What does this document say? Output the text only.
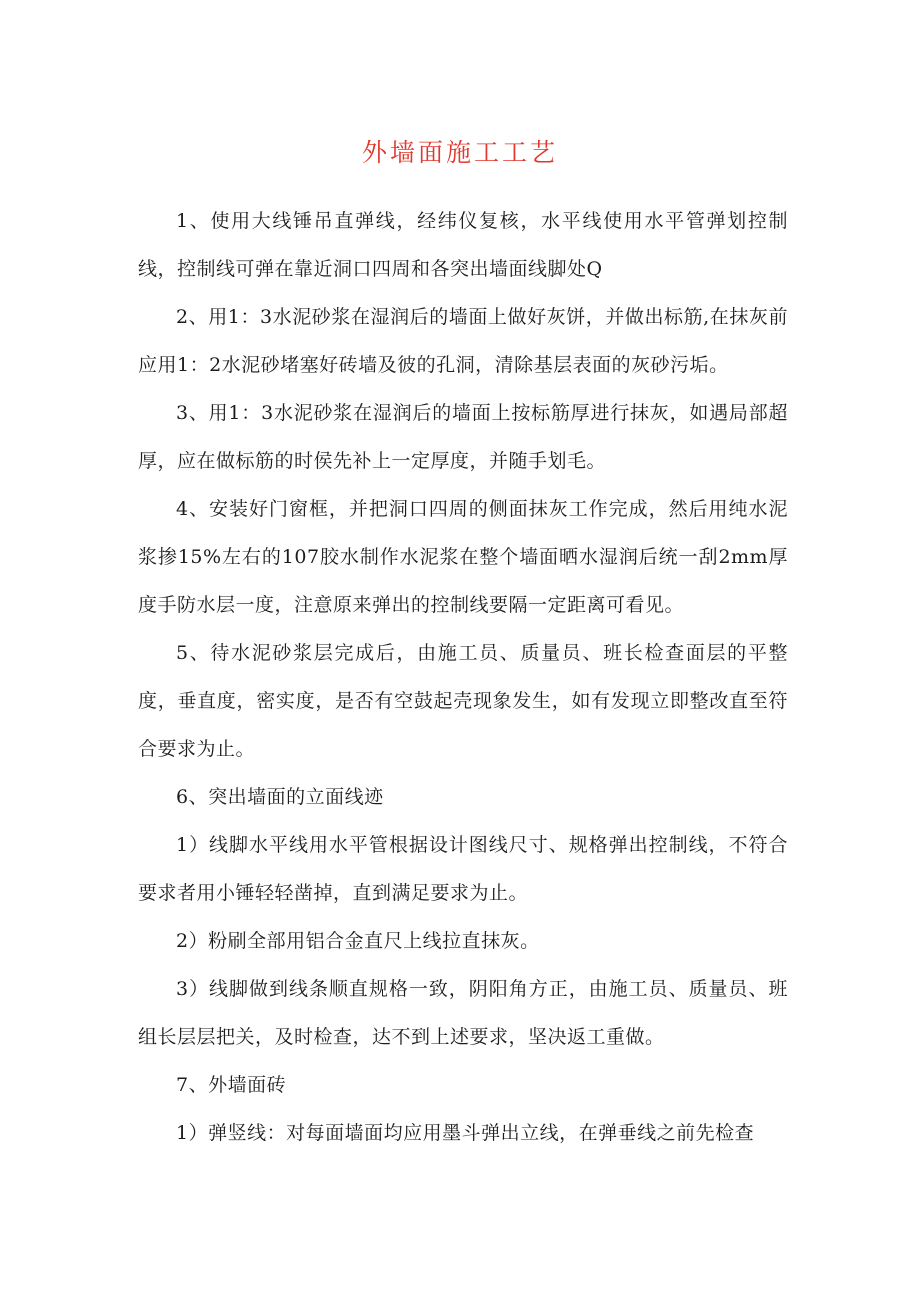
外墙面施工工艺

1、使用大线锤吊直弹线，经纬仪复核，水平线使用水平管弹划控制线，控制线可弹在靠近洞口四周和各突出墙面线脚处Q

2、用1：3水泥砂浆在湿润后的墙面上做好灰饼，并做出标筋,在抹灰前应用1：2水泥砂堵塞好砖墙及彼的孔洞，清除基层表面的灰砂污垢。

3、用1：3水泥砂浆在湿润后的墙面上按标筋厚进行抹灰，如遇局部超厚，应在做标筋的时侯先补上一定厚度，并随手划毛。

4、安装好门窗框，并把洞口四周的侧面抹灰工作完成，然后用纯水泥浆掺15%左右的107胶水制作水泥浆在整个墙面晒水湿润后统一刮2mm厚度手防水层一度，注意原来弹出的控制线要隔一定距离可看见。

5、待水泥砂浆层完成后，由施工员、质量员、班长检查面层的平整度，垂直度，密实度，是否有空鼓起壳现象发生，如有发现立即整改直至符合要求为止。

6、突出墙面的立面线迹

1）线脚水平线用水平管根据设计图线尺寸、规格弹出控制线，不符合要求者用小锤轻轻凿掉，直到满足要求为止。

2）粉刷全部用铝合金直尺上线拉直抹灰。

3）线脚做到线条顺直规格一致，阴阳角方正，由施工员、质量员、班组长层层把关，及时检查，达不到上述要求，坚决返工重做。

7、外墙面砖

1）弹竖线：对每面墙面均应用墨斗弹出立线，在弹垂线之前先检查
